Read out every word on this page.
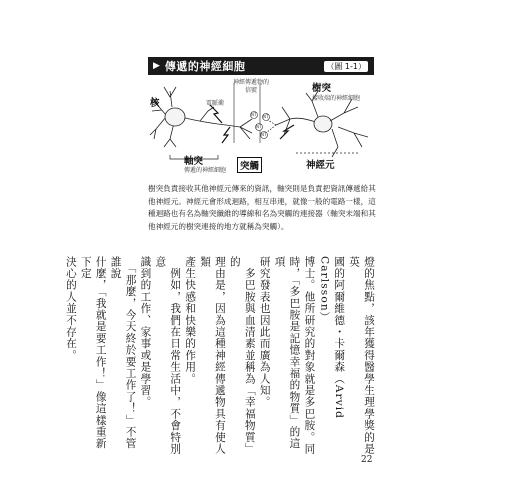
▶ 傳遞的神經細胞	（圖 1-1）
NT
NT
NT
NT
核	電脈衝
神經傳遞物的
信號	樹突
接收端的神經細胞
軸突
傳遞的神經細胞	突觸	神經元

樹突負責接收其他神經元傳來的資訊，軸突則是負責把資訊傳遞給其他神經元。神經元會形成迴路，相互串連，就像一般的電路一樣，這種迴路也有名為軸突纖維的導線和名為突觸的連接器（軸突末端和其他神經元的樹突連接的地方就稱為突觸）。

燈的焦點，該年獲得醫學生理學獎的是英

國的阿爾維德・卡爾森（Arvid Carlsson）

博士。他所研究的對象就是多巴胺。同

時，「多巴胺是記憶幸福的物質」的這項

研究發表也因此而廣為人知。

　多巴胺與血清素並稱為「幸福物質」的

理由是，因為這種神經傳遞物具有使人類

產生快感和快樂的作用。

　例如，我們在日常生活中，不會特別意

識到的工作、家事或是學習。

　「那麼，今天終於要工作了！」不管誰說

什麼，「我就是要工作！」像這樣重新下定

決心的人並不存在。

22
